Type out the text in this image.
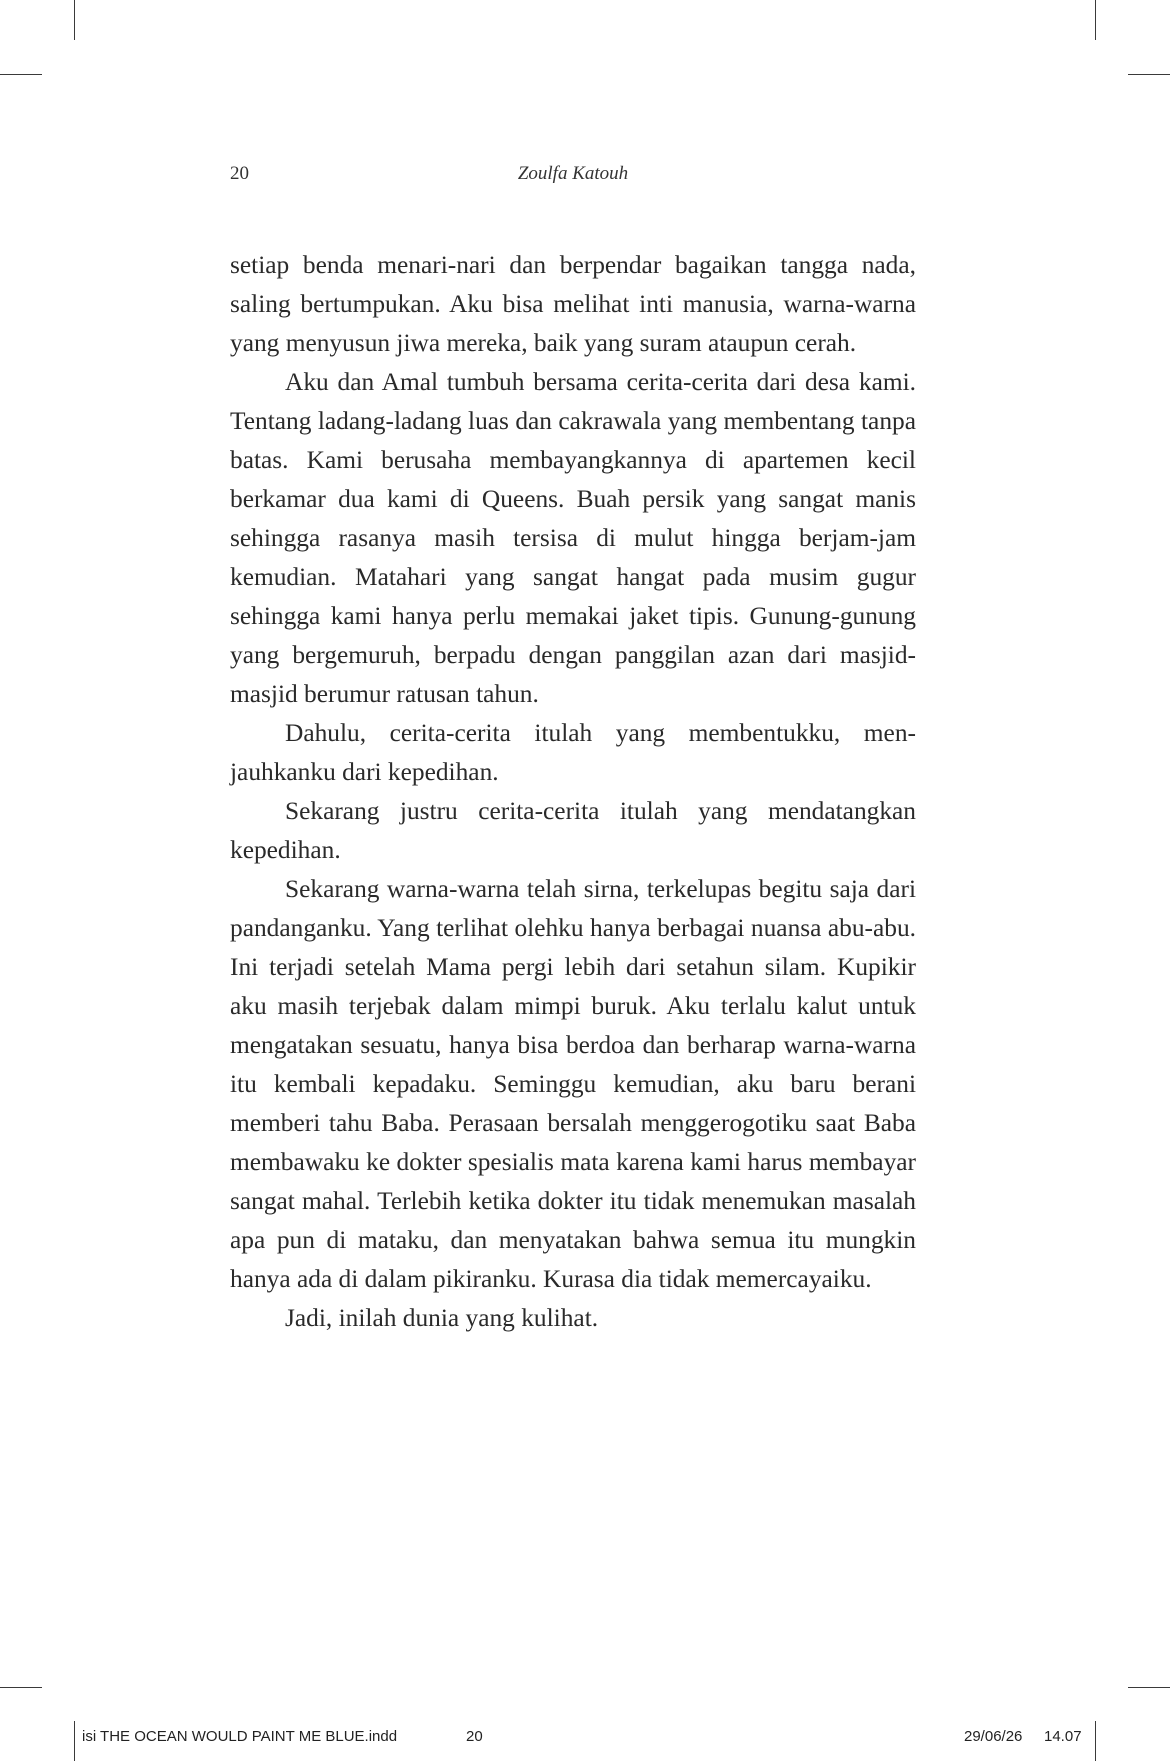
20	Zoulfa Katouh

setiap benda menari-nari dan berpendar bagaikan tangga nada, saling bertumpukan. Aku bisa melihat inti manusia, warna-warna yang menyusun jiwa mereka, baik yang suram ataupun cerah.

Aku dan Amal tumbuh bersama cerita-cerita dari desa kami. Tentang ladang-ladang luas dan cakrawala yang membentang tanpa batas. Kami berusaha membayangkannya di apartemen kecil berkamar dua kami di Queens. Buah persik yang sangat manis sehingga rasanya masih tersisa di mulut hingga berjam-jam kemudian. Matahari yang sangat hangat pada musim gugur sehingga kami hanya perlu memakai jaket tipis. Gunung-gunung yang bergemuruh, berpadu dengan panggilan azan dari masjid-masjid berumur ratusan tahun.

Dahulu, cerita-cerita itulah yang membentukku, menjauhkanku dari kepedihan.

Sekarang justru cerita-cerita itulah yang mendatangkan kepedihan.

Sekarang warna-warna telah sirna, terkelupas begitu saja dari pandanganku. Yang terlihat olehku hanya berbagai nuansa abu-abu. Ini terjadi setelah Mama pergi lebih dari setahun silam. Kupikir aku masih terjebak dalam mimpi buruk. Aku terlalu kalut untuk mengatakan sesuatu, hanya bisa berdoa dan berharap warna-warna itu kembali kepadaku. Seminggu kemudian, aku baru berani memberi tahu Baba. Perasaan bersalah menggerogotiku saat Baba membawaku ke dokter spesialis mata karena kami harus membayar sangat mahal. Terlebih ketika dokter itu tidak menemukan masalah apa pun di mataku, dan menyatakan bahwa semua itu mungkin hanya ada di dalam pikiranku. Kurasa dia tidak memercayaiku.

Jadi, inilah dunia yang kulihat.

isi THE OCEAN WOULD PAINT ME BLUE.indd	20	29/06/26 14.07
